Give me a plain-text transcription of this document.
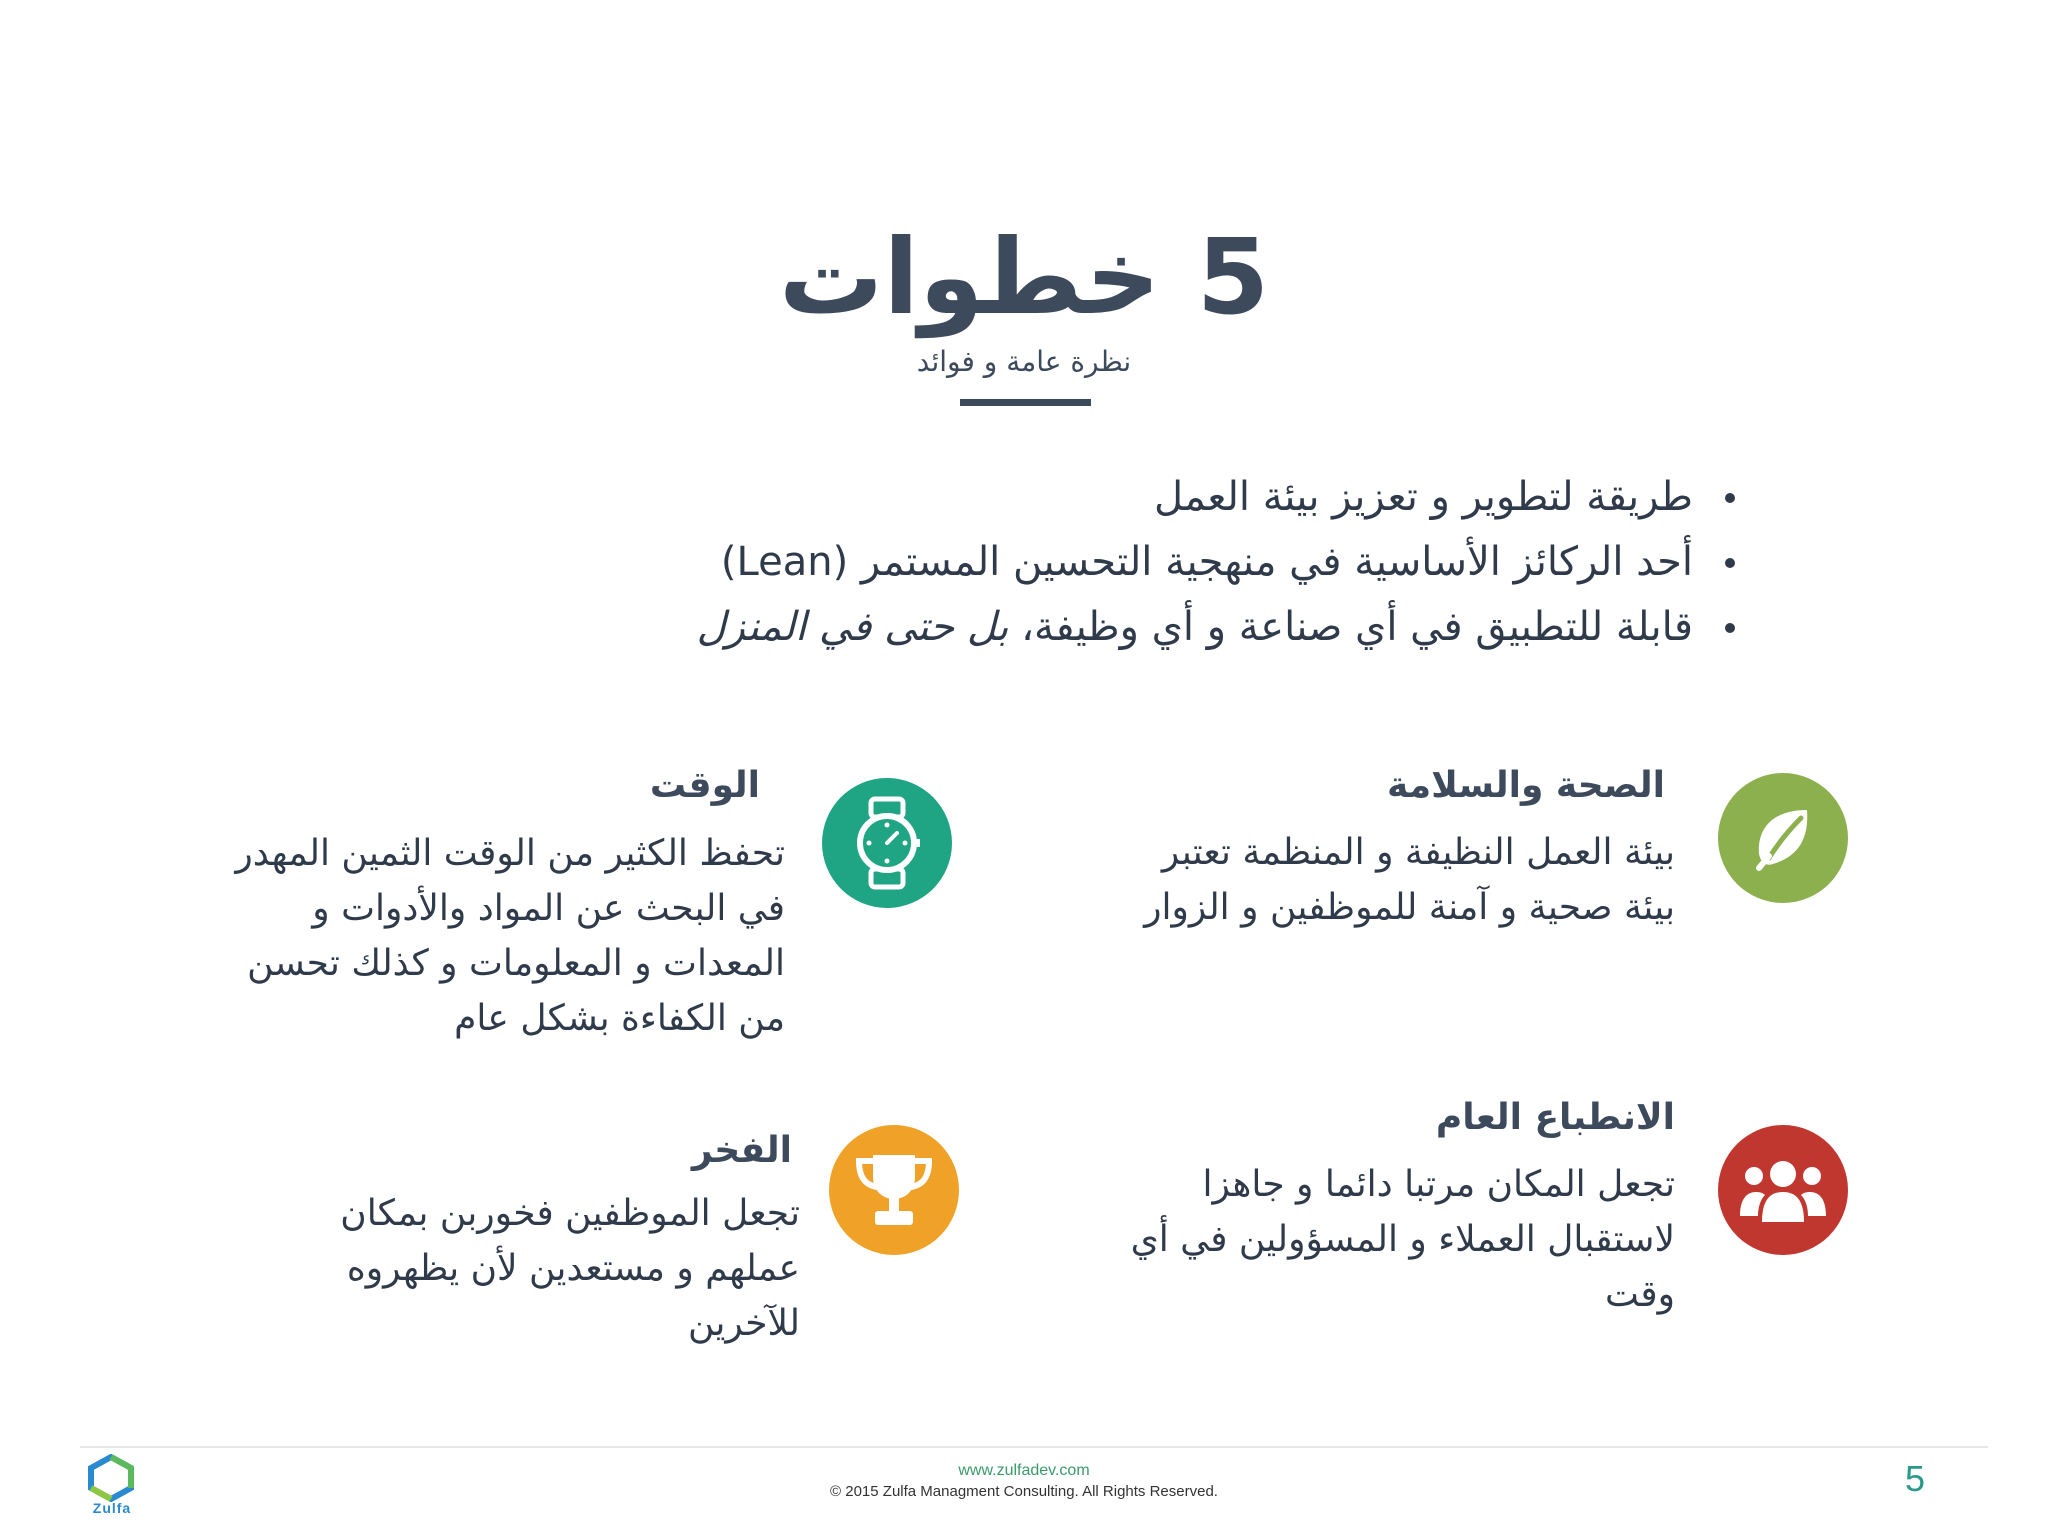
5 خطوات
نظرة عامة و فوائد
طريقة لتطوير و تعزيز بيئة العمل
أحد الركائز الأساسية في منهجية التحسين المستمر (Lean)
قابلة للتطبيق في أي صناعة و أي وظيفة، بل حتى في المنزل
الصحة والسلامة
بيئة العمل النظيفة و المنظمة تعتبر بيئة صحية و آمنة للموظفين و الزوار
الوقت
تحفظ الكثير من الوقت الثمين المهدر في البحث عن المواد والأدوات و المعدات و المعلومات و كذلك تحسن من الكفاءة بشكل عام
الانطباع العام
تجعل المكان مرتبا دائما و جاهزا لاستقبال العملاء و المسؤولين في أي وقت
الفخر
تجعل الموظفين فخوربن بمكان عملهم و مستعدين لأن يظهروه للآخرين
Zulfa
www.zulfadev.com
© 2015 Zulfa Managment Consulting. All Rights Reserved.	5
